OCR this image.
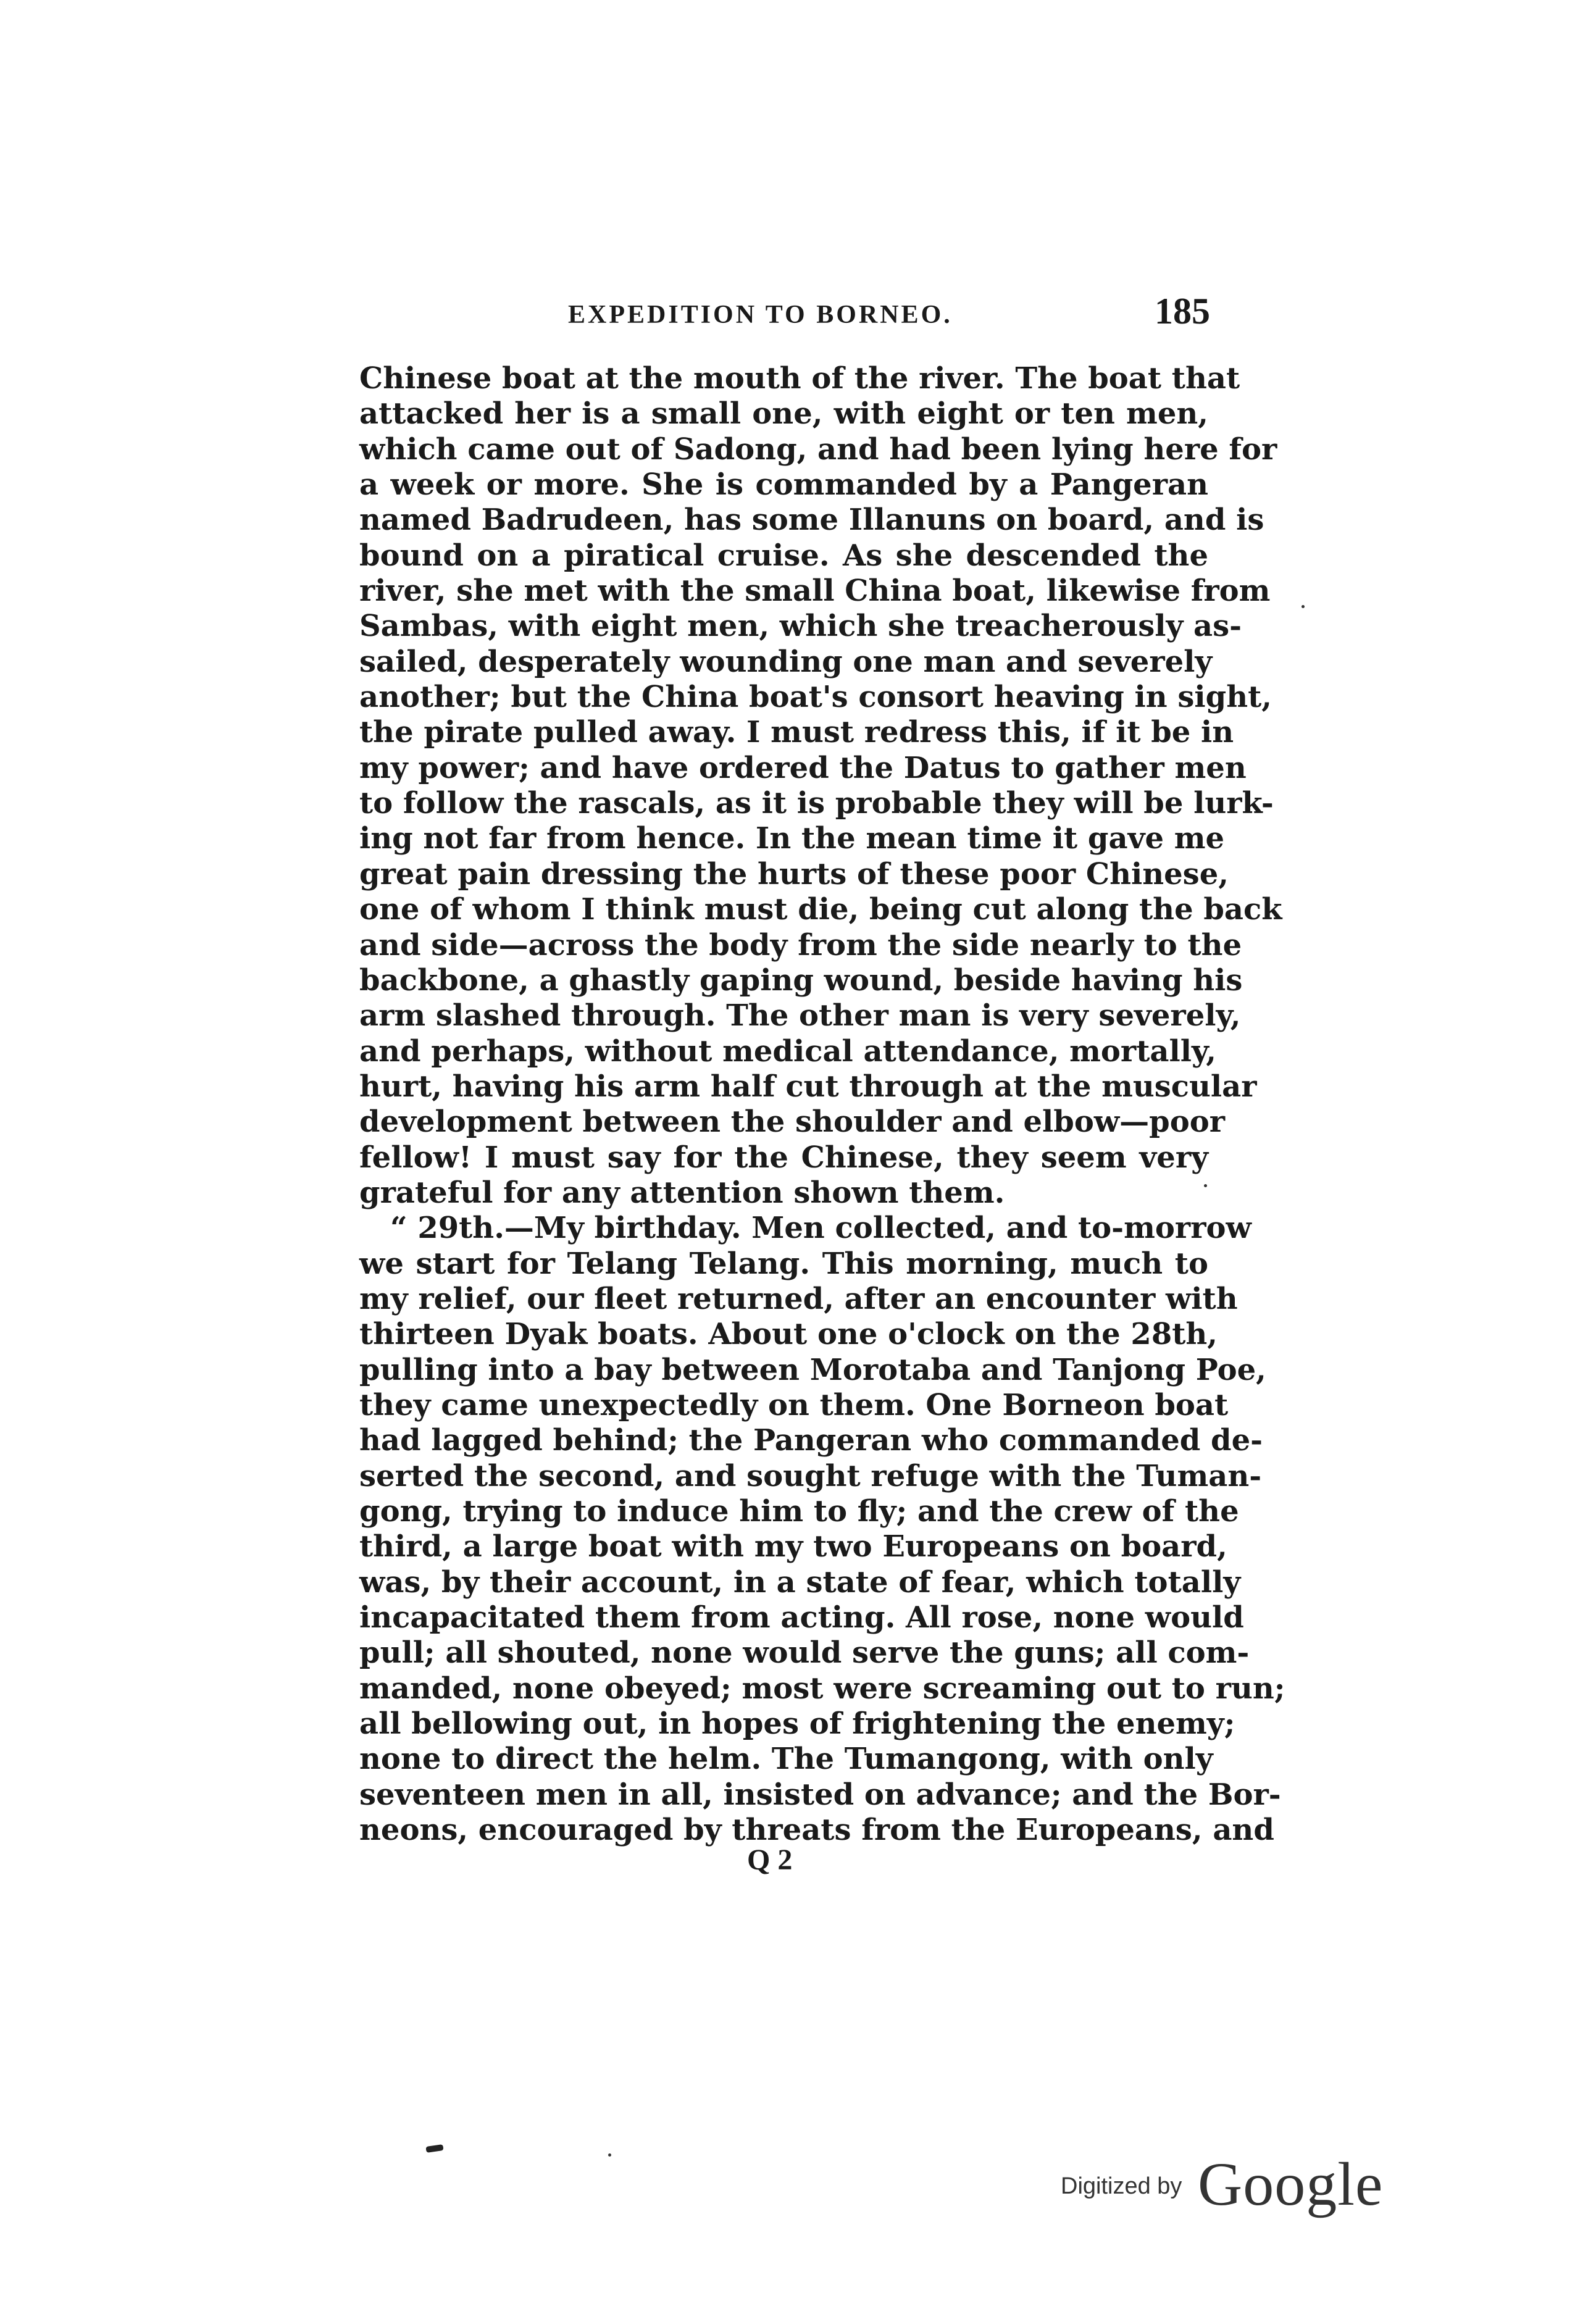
EXPEDITION TO BORNEO.	185
Chinese boat at the mouth of the river. The boat that
attacked her is a small one, with eight or ten men,
which came out of Sadong, and had been lying here for
a week or more. She is commanded by a Pangeran
named Badrudeen, has some Illanuns on board, and is
bound on a piratical cruise. As she descended the
river, she met with the small China boat, likewise from
Sambas, with eight men, which she treacherously as-
sailed, desperately wounding one man and severely
another; but the China boat's consort heaving in sight,
the pirate pulled away. I must redress this, if it be in
my power; and have ordered the Datus to gather men
to follow the rascals, as it is probable they will be lurk-
ing not far from hence. In the mean time it gave me
great pain dressing the hurts of these poor Chinese,
one of whom I think must die, being cut along the back
and side—across the body from the side nearly to the
backbone, a ghastly gaping wound, beside having his
arm slashed through. The other man is very severely,
and perhaps, without medical attendance, mortally,
hurt, having his arm half cut through at the muscular
development between the shoulder and elbow—poor
fellow! I must say for the Chinese, they seem very
grateful for any attention shown them.
“ 29th.—My birthday. Men collected, and to-morrow
we start for Telang Telang. This morning, much to
my relief, our fleet returned, after an encounter with
thirteen Dyak boats. About one o'clock on the 28th,
pulling into a bay between Morotaba and Tanjong Poe,
they came unexpectedly on them. One Borneon boat
had lagged behind; the Pangeran who commanded de-
serted the second, and sought refuge with the Tuman-
gong, trying to induce him to fly; and the crew of the
third, a large boat with my two Europeans on board,
was, by their account, in a state of fear, which totally
incapacitated them from acting. All rose, none would
pull; all shouted, none would serve the guns; all com-
manded, none obeyed; most were screaming out to run;
all bellowing out, in hopes of frightening the enemy;
none to direct the helm. The Tumangong, with only
seventeen men in all, insisted on advance; and the Bor-
neons, encouraged by threats from the Europeans, and
Q 2
Digitized by Google
